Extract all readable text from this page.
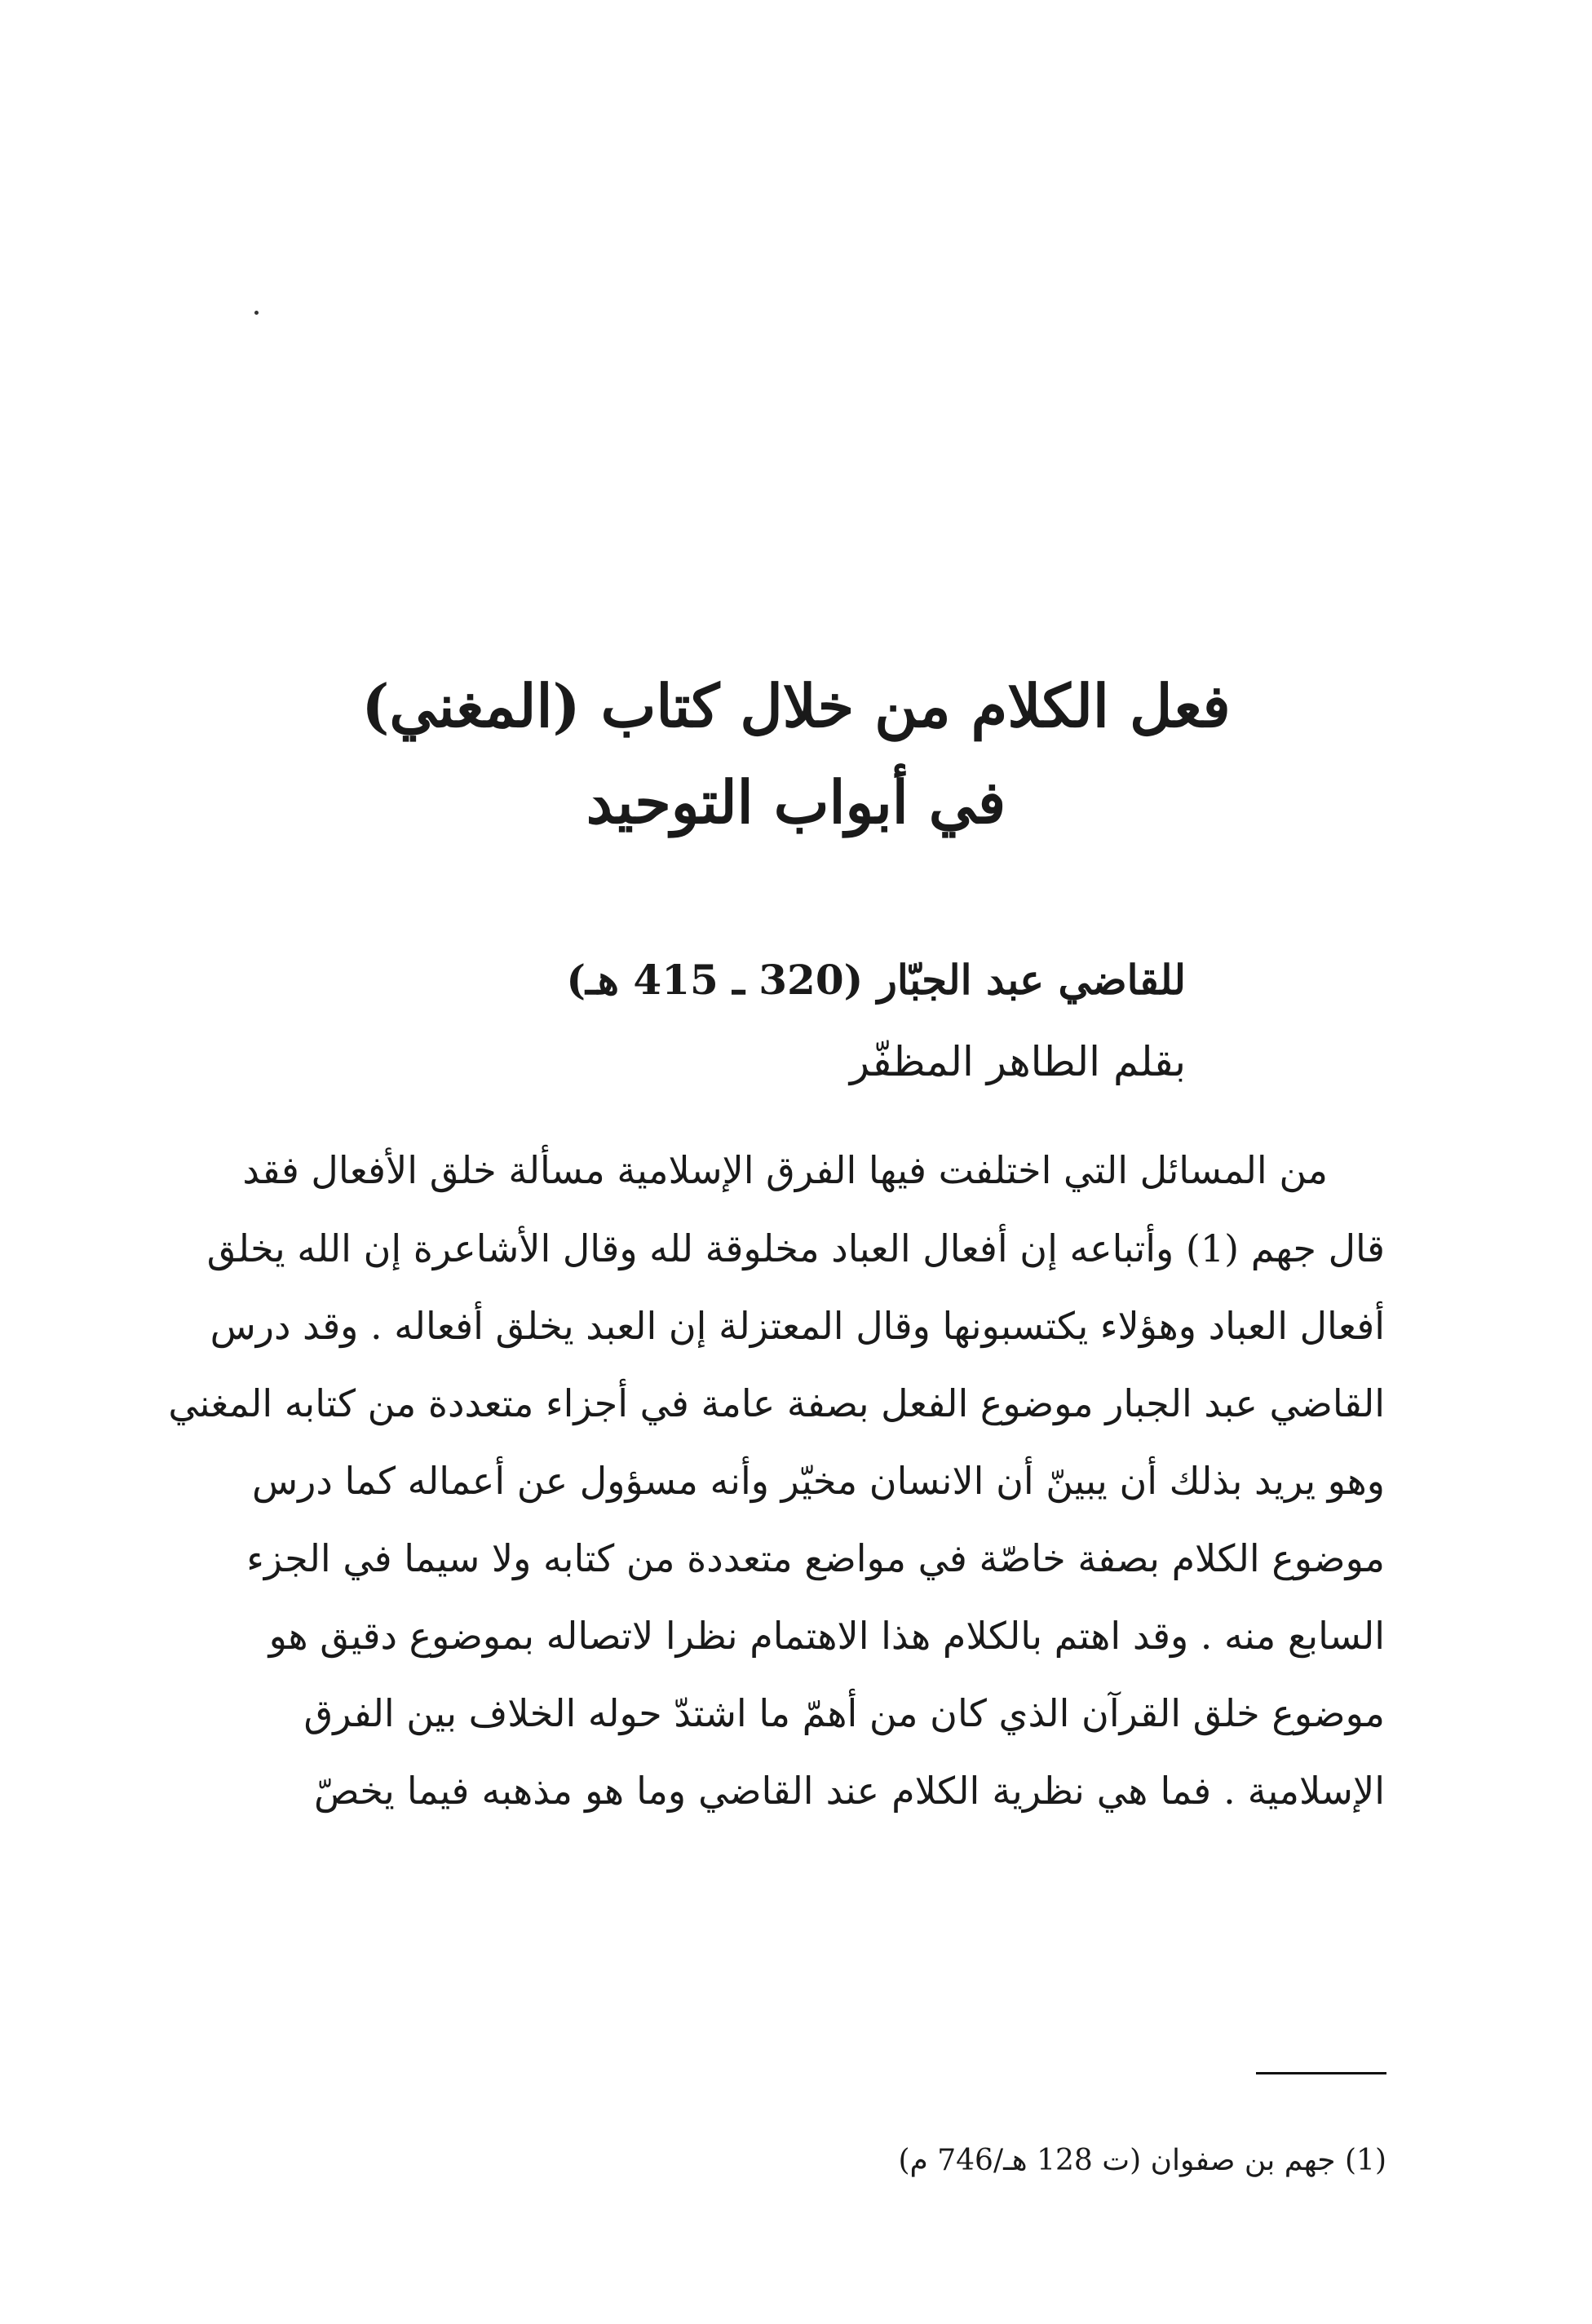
فعل الكلام من خلال كتاب (المغني)
في أبواب التوحيد
للقاضي عبد الجبّار (320 ـ 415 هـ)
بقلم الطاهر المظفّر
من المسائل التي اختلفت فيها الفرق الإسلامية مسألة خلق الأفعال فقد
قال جهم (1) وأتباعه إن أفعال العباد مخلوقة لله وقال الأشاعرة إن الله يخلق
أفعال العباد وهؤلاء يكتسبونها وقال المعتزلة إن العبد يخلق أفعاله . وقد درس
القاضي عبد الجبار موضوع الفعل بصفة عامة في أجزاء متعددة من كتابه المغني
وهو يريد بذلك أن يبينّ أن الانسان مخيّر وأنه مسؤول عن أعماله كما درس
موضوع الكلام بصفة خاصّة في مواضع متعددة من كتابه ولا سيما في الجزء
السابع منه . وقد اهتم بالكلام هذا الاهتمام نظرا لاتصاله بموضوع دقيق هو
موضوع خلق القرآن الذي كان من أهمّ ما اشتدّ حوله الخلاف بين الفرق
الإسلامية . فما هي نظرية الكلام عند القاضي وما هو مذهبه فيما يخصّ
(1) جهم بن صفوان (ت 128 هـ/746 م)
